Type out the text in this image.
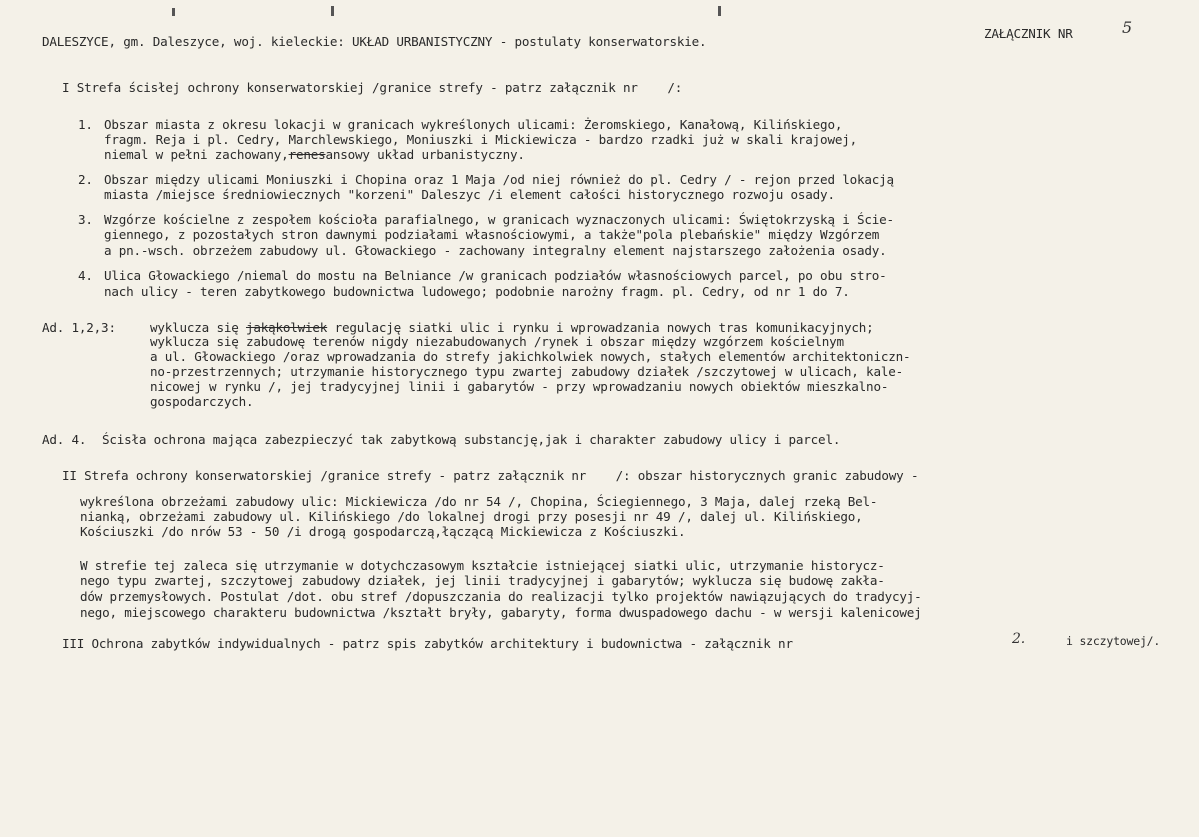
DALESZYCE, gm. Daleszyce, woj. kieleckie: UKŁAD URBANISTYCZNY - postulaty konserwatorskie.
ZAŁĄCZNIK NR	5
I Strefa ścisłej ochrony konserwatorskiej /granice strefy - patrz załącznik nr    /:
1. Obszar miasta z okresu lokacji w granicach wykreślonych ulicami: Żeromskiego, Kanałową, Kilińskiego,
fragm. Reja i pl. Cedry, Marchlewskiego, Moniuszki i Mickiewicza - bardzo rzadki już w skali krajowej,
niemal w pełni zachowany,renesansowy układ urbanistyczny.
2. Obszar między ulicami Moniuszki i Chopina oraz 1 Maja /od niej również do pl. Cedry / - rejon przed lokacją
miasta /miejsce średniowiecznych "korzeni" Daleszyc /i element całości historycznego rozwoju osady.
3. Wzgórze kościelne z zespołem kościoła parafialnego, w granicach wyznaczonych ulicami: Świętokrzyską i Ście-
giennego, z pozostałych stron dawnymi podziałami własnościowymi, a także"pola plebańskie" między Wzgórzem
a pn.-wsch. obrzeżem zabudowy ul. Głowackiego - zachowany integralny element najstarszego założenia osady.
4. Ulica Głowackiego /niemal do mostu na Belniance /w granicach podziałów własnościowych parcel, po obu stro-
nach ulicy - teren zabytkowego budownictwa ludowego; podobnie narożny fragm. pl. Cedry, od nr 1 do 7.
Ad. 1,2,3:	wyklucza się jakąkolwiek regulację siatki ulic i rynku i wprowadzania nowych tras komunikacyjnych;
wyklucza się zabudowę terenów nigdy niezabudowanych /rynek i obszar między wzgórzem kościelnym
a ul. Głowackiego /oraz wprowadzania do strefy jakichkolwiek nowych, stałych elementów architektoniczn-
no-przestrzennych; utrzymanie historycznego typu zwartej zabudowy działek /szczytowej w ulicach, kale-
nicowej w rynku /, jej tradycyjnej linii i gabarytów - przy wprowadzaniu nowych obiektów mieszkalno-
gospodarczych.
Ad. 4. Ścisła ochrona mająca zabezpieczyć tak zabytkową substancję,jak i charakter zabudowy ulicy i parcel.
II Strefa ochrony konserwatorskiej /granice strefy - patrz załącznik nr    /: obszar historycznych granic zabudowy -
wykreślona obrzeżami zabudowy ulic: Mickiewicza /do nr 54 /, Chopina, Ściegiennego, 3 Maja, dalej rzeką Bel-
nianką, obrzeżami zabudowy ul. Kilińskiego /do lokalnej drogi przy posesji nr 49 /, dalej ul. Kilińskiego,
Kościuszki /do nrów 53 - 50 /i drogą gospodarczą,łączącą Mickiewicza z Kościuszki.
W strefie tej zaleca się utrzymanie w dotychczasowym kształcie istniejącej siatki ulic, utrzymanie historycz-
nego typu zwartej, szczytowej zabudowy działek, jej linii tradycyjnej i gabarytów; wyklucza się budowę zakła-
dów przemysłowych. Postulat /dot. obu stref /dopuszczania do realizacji tylko projektów nawiązujących do tradycyj-
nego, miejscowego charakteru budownictwa /kształt bryły, gabaryty, forma dwuspadowego dachu - w wersji kalenicowej
III Ochrona zabytków indywidualnych - patrz spis zabytków architektury i budownictwa - załącznik nr	2.	i szczytowej/.
